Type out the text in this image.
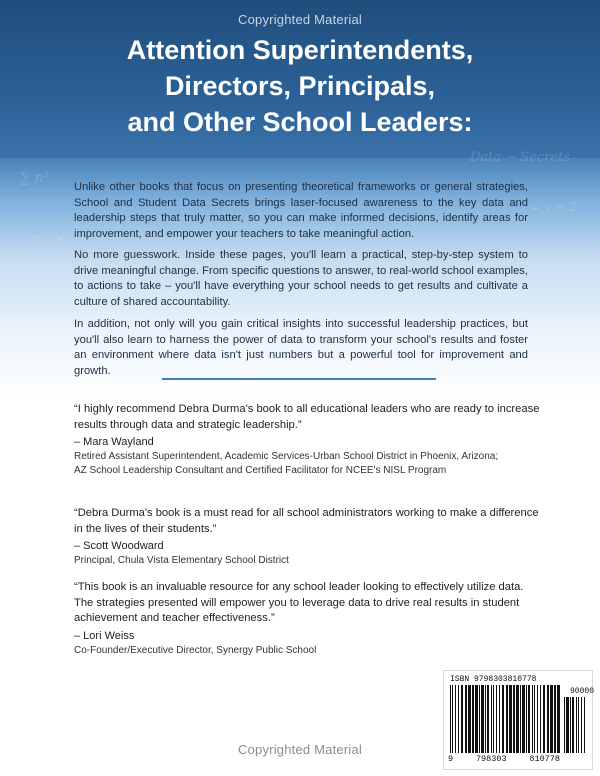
Data ~ Secrets
x = y + 2
∑ n²
→ △ √
Copyrighted Material
Attention Superintendents,
Directors, Principals,
and Other School Leaders:
Unlike other books that focus on presenting theoretical frameworks or general strategies, School and Student Data Secrets brings laser-focused awareness to the key data and leadership steps that truly matter, so you can make informed decisions, identify areas for improvement, and empower your teachers to take meaningful action.
No more guesswork. Inside these pages, you'll learn a practical, step-by-step system to drive meaningful change. From specific questions to answer, to real-world school examples, to actions to take – you'll have everything your school needs to get results and cultivate a culture of shared accountability.
In addition, not only will you gain critical insights into successful leadership practices, but you'll also learn to harness the power of data to transform your school's results and foster an environment where data isn't just numbers but a powerful tool for improvement and growth.
“I highly recommend Debra Durma's book to all educational leaders who are ready to increase results through data and strategic leadership.”
– Mara Wayland
Retired Assistant Superintendent, Academic Services-Urban School District in Phoenix, Arizona;
AZ School Leadership Consultant and Certified Facilitator for NCEE's NISL Program
“Debra Durma's book is a must read for all school administrators working to make a difference in the lives of their students.”
– Scott Woodward
Principal, Chula Vista Elementary School District
“This book is an invaluable resource for any school leader looking to effectively utilize data. The strategies presented will empower you to leverage data to drive real results in student achievement and teacher effectiveness.”
– Lori Weiss
Co-Founder/Executive Director, Synergy Public School
ISBN 9798303810778
90000
9	798303	810778
Copyrighted Material
